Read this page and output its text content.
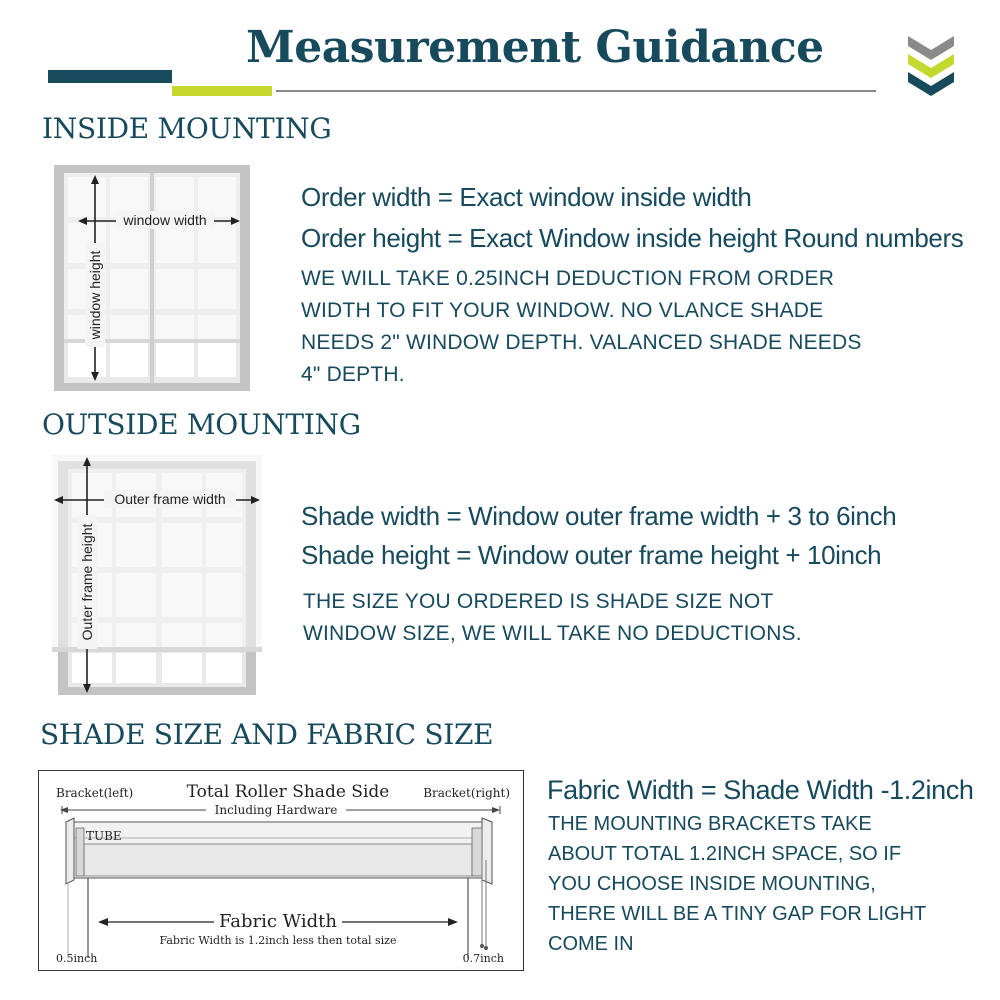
Measurement Guidance
INSIDE MOUNTING
window width
window height
Order width = Exact window inside width
Order height = Exact Window inside height Round numbers
WE WILL TAKE 0.25INCH DEDUCTION FROM ORDER
WIDTH TO FIT YOUR WINDOW. NO VLANCE SHADE
NEEDS 2" WINDOW DEPTH. VALANCED SHADE NEEDS
4" DEPTH.
OUTSIDE MOUNTING
Outer frame width
Outer frame height
Shade width = Window outer frame width + 3 to 6inch
Shade height = Window outer frame height + 10inch
THE SIZE YOU ORDERED IS SHADE SIZE NOT
WINDOW SIZE, WE WILL TAKE NO DEDUCTIONS.
SHADE SIZE AND FABRIC SIZE
Bracket(left)	Total Roller Shade Side
Including Hardware
Bracket(right)
TUBE
Fabric Width
Fabric Width is 1.2inch less then total size
0.5inch	0.7inch
Fabric Width = Shade Width -1.2inch
THE MOUNTING BRACKETS TAKE
ABOUT TOTAL 1.2INCH SPACE, SO IF
YOU CHOOSE INSIDE MOUNTING,
THERE WILL BE A TINY GAP FOR LIGHT
COME IN
